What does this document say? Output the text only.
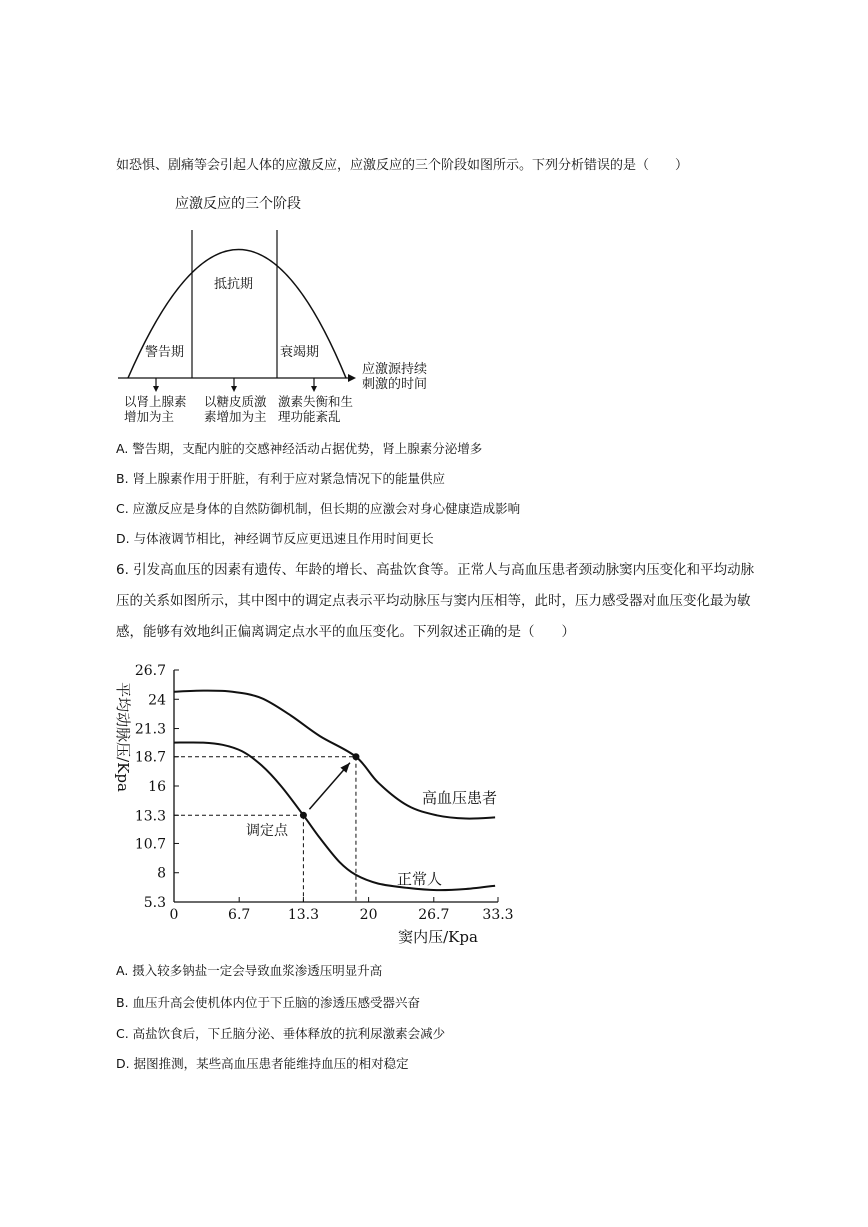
如恐惧、剧痛等会引起人体的应激反应，应激反应的三个阶段如图所示。下列分析错误的是（　　）
应激反应的三个阶段
应激源持续
刺激的时间
警告期
抵抗期
衰竭期
以肾上腺素
增加为主
以糖皮质激
素增加为主
激素失衡和生
理功能紊乱
A. 警告期，支配内脏的交感神经活动占据优势，肾上腺素分泌增多
B. 肾上腺素作用于肝脏，有利于应对紧急情况下的能量供应
C. 应激反应是身体的自然防御机制，但长期的应激会对身心健康造成影响
D. 与体液调节相比，神经调节反应更迅速且作用时间更长
6. 引发高血压的因素有遗传、年龄的增长、高盐饮食等。正常人与高血压患者颈动脉窦内压变化和平均动脉压的关系如图所示，其中图中的调定点表示平均动脉压与窦内压相等，此时，压力感受器对血压变化最为敏感，能够有效地纠正偏离调定点水平的血压变化。下列叙述正确的是（　　）
0	6.7	13.3	20	26.7 33.3
5.3
8
10.7
13.3
16
18.7
21.3
24
26.7
窦内压/Kpa
平均动脉压/Kpa
高血压患者
正常人
调定点
A. 摄入较多钠盐一定会导致血浆渗透压明显升高
B. 血压升高会使机体内位于下丘脑的渗透压感受器兴奋
C. 高盐饮食后，下丘脑分泌、垂体释放的抗利尿激素会减少
D. 据图推测，某些高血压患者能维持血压的相对稳定
